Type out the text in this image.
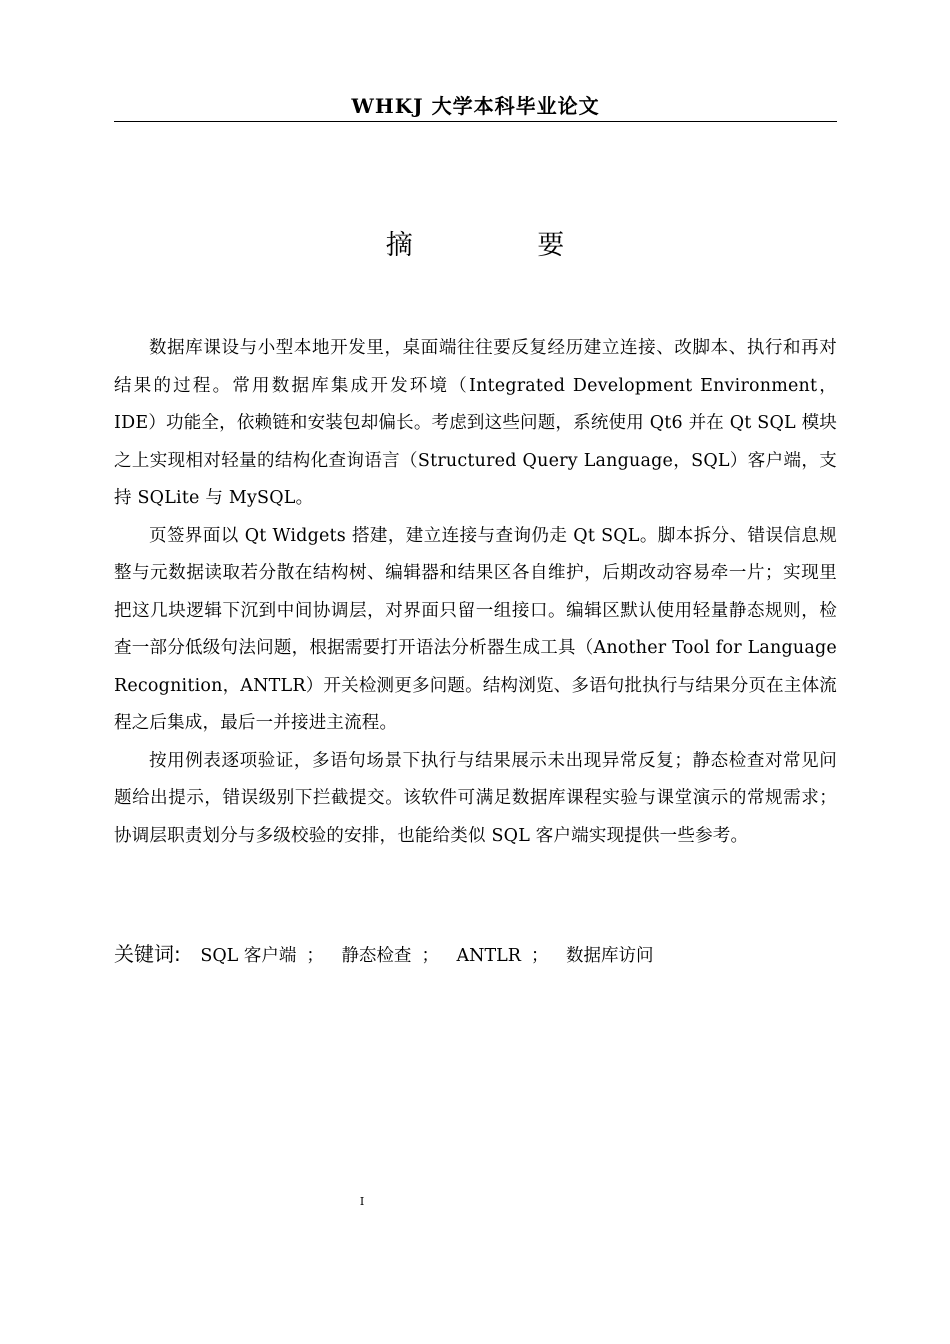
WHKJ 大学本科毕业论文
摘 要

数据库课设与小型本地开发里，桌面端往往要反复经历建立连接、改脚本、执行和再对结果的过程。常用数据库集成开发环境（Integrated Development Environment，IDE）功能全，依赖链和安装包却偏长。考虑到这些问题，系统使用 Qt6 并在 Qt SQL 模块之上实现相对轻量的结构化查询语言（Structured Query Language，SQL）客户端，支持 SQLite 与 MySQL。

页签界面以 Qt Widgets 搭建，建立连接与查询仍走 Qt SQL。脚本拆分、错误信息规整与元数据读取若分散在结构树、编辑器和结果区各自维护，后期改动容易牵一片；实现里把这几块逻辑下沉到中间协调层，对界面只留一组接口。编辑区默认使用轻量静态规则，检查一部分低级句法问题，根据需要打开语法分析器生成工具（Another Tool for Language Recognition，ANTLR）开关检测更多问题。结构浏览、多语句批执行与结果分页在主体流程之后集成，最后一并接进主流程。

按用例表逐项验证，多语句场景下执行与结果展示未出现异常反复；静态检查对常见问题给出提示，错误级别下拦截提交。该软件可满足数据库课程实验与课堂演示的常规需求；协调层职责划分与多级校验的安排，也能给类似 SQL 客户端实现提供一些参考。

关键词: SQL 客户端 ； 静态检查 ； ANTLR ； 数据库访问
I
